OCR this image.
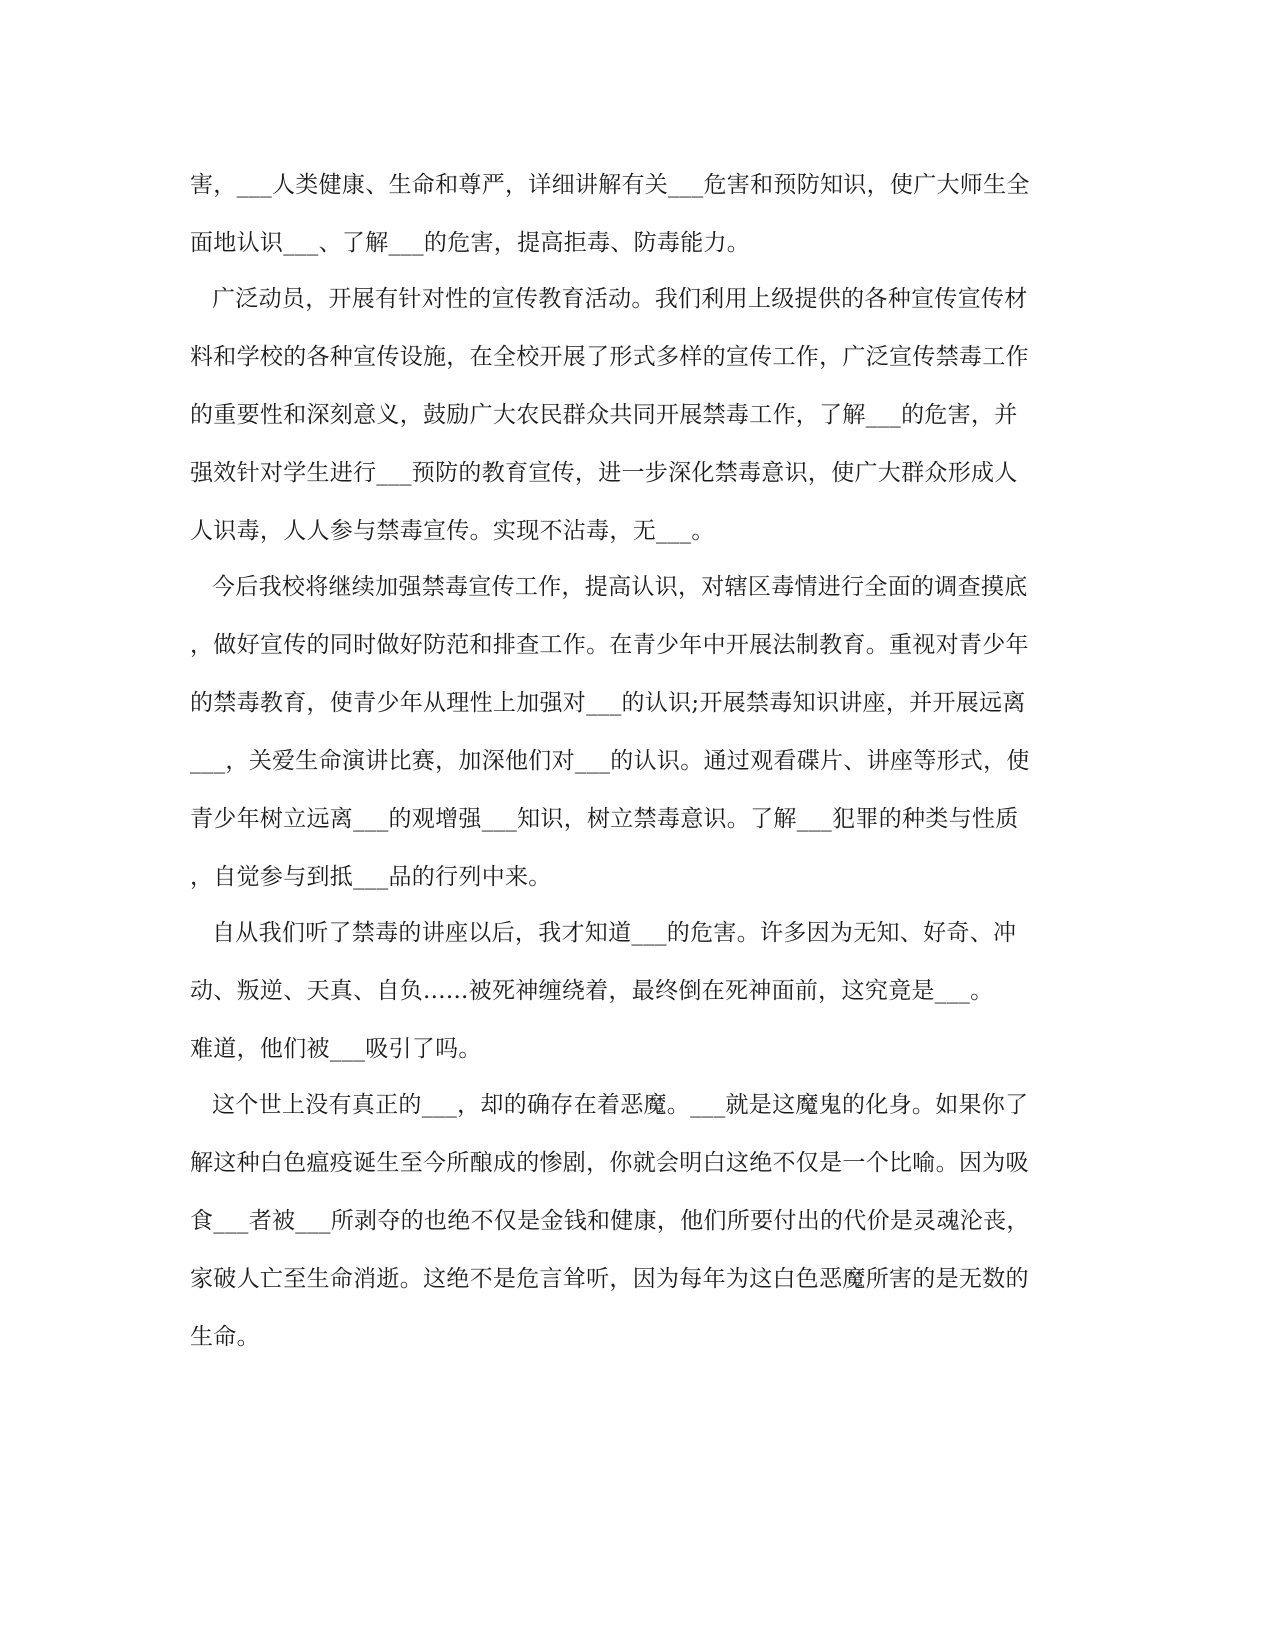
害，___人类健康、生命和尊严，详细讲解有关___危害和预防知识，使广大师生全
面地认识___、了解___的危害，提高拒毒、防毒能力。
广泛动员，开展有针对性的宣传教育活动。我们利用上级提供的各种宣传宣传材
料和学校的各种宣传设施，在全校开展了形式多样的宣传工作，广泛宣传禁毒工作
的重要性和深刻意义，鼓励广大农民群众共同开展禁毒工作，了解___的危害，并
强效针对学生进行___预防的教育宣传，进一步深化禁毒意识，使广大群众形成人
人识毒，人人参与禁毒宣传。实现不沾毒，无___。
今后我校将继续加强禁毒宣传工作，提高认识，对辖区毒情进行全面的调查摸底
，做好宣传的同时做好防范和排查工作。在青少年中开展法制教育。重视对青少年
的禁毒教育，使青少年从理性上加强对___的认识;开展禁毒知识讲座，并开展远离
___，关爱生命演讲比赛，加深他们对___的认识。通过观看碟片、讲座等形式，使
青少年树立远离___的观增强___知识，树立禁毒意识。了解___犯罪的种类与性质
，自觉参与到抵___品的行列中来。
自从我们听了禁毒的讲座以后，我才知道___的危害。许多因为无知、好奇、冲
动、叛逆、天真、自负......被死神缠绕着，最终倒在死神面前，这究竟是___。
难道，他们被___吸引了吗。
这个世上没有真正的___，却的确存在着恶魔。___就是这魔鬼的化身。如果你了
解这种白色瘟疫诞生至今所酿成的惨剧，你就会明白这绝不仅是一个比喻。因为吸
食___者被___所剥夺的也绝不仅是金钱和健康，他们所要付出的代价是灵魂沦丧，
家破人亡至生命消逝。这绝不是危言耸听，因为每年为这白色恶魔所害的是无数的
生命。
